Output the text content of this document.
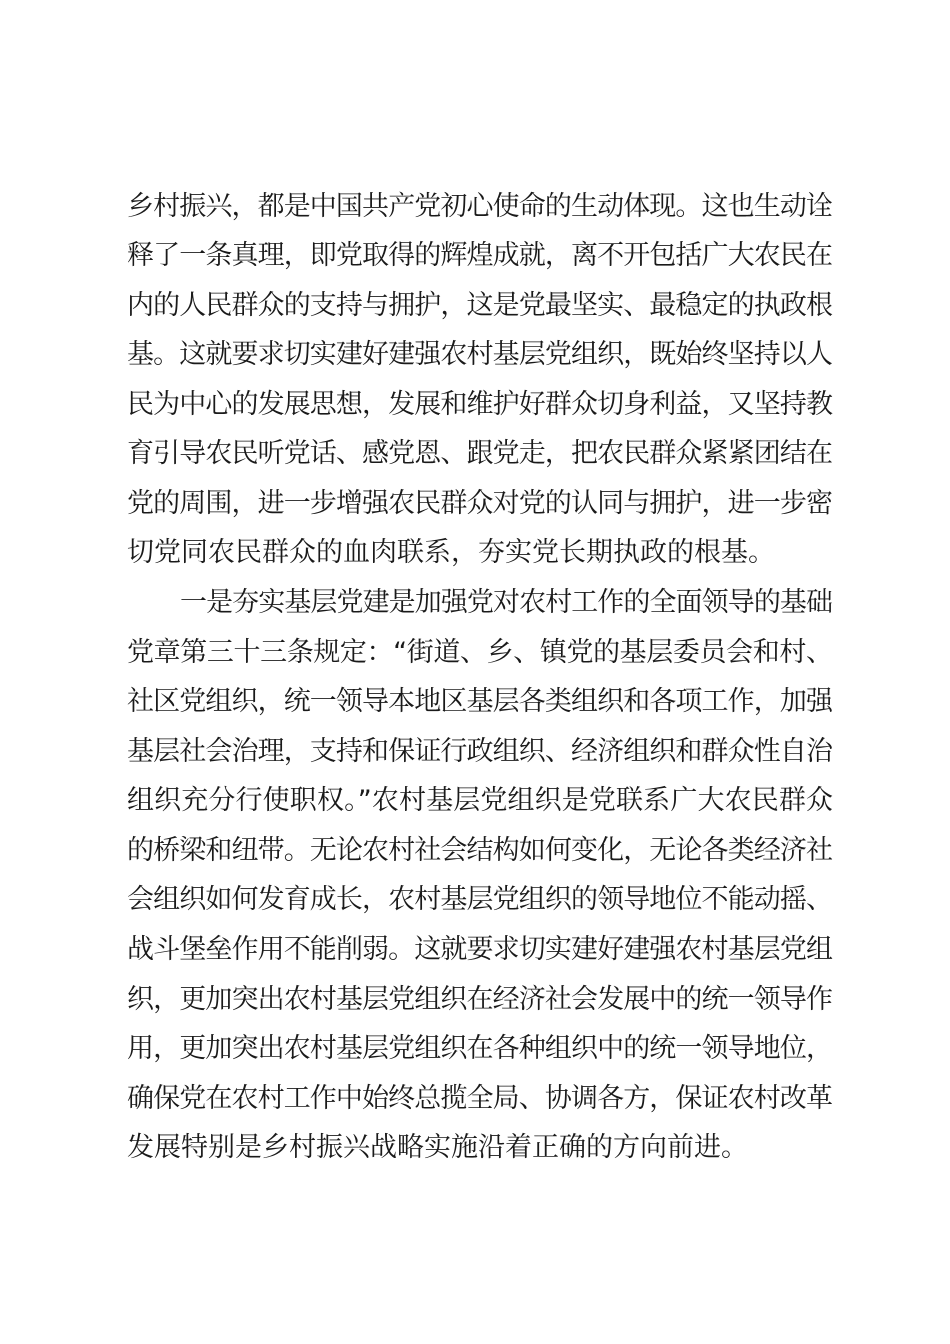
乡村振兴，都是中国共产党初心使命的生动体现。这也生动诠
释了一条真理，即党取得的辉煌成就，离不开包括广大农民在
内的人民群众的支持与拥护，这是党最坚实、最稳定的执政根
基。这就要求切实建好建强农村基层党组织，既始终坚持以人
民为中心的发展思想，发展和维护好群众切身利益，又坚持教
育引导农民听党话、感党恩、跟党走，把农民群众紧紧团结在
党的周围，进一步增强农民群众对党的认同与拥护，进一步密
切党同农民群众的血肉联系，夯实党长期执政的根基。
一是夯实基层党建是加强党对农村工作的全面领导的基础
党章第三十三条规定：“街道、乡、镇党的基层委员会和村、
社区党组织，统一领导本地区基层各类组织和各项工作，加强
基层社会治理，支持和保证行政组织、经济组织和群众性自治
组织充分行使职权。”农村基层党组织是党联系广大农民群众
的桥梁和纽带。无论农村社会结构如何变化，无论各类经济社
会组织如何发育成长，农村基层党组织的领导地位不能动摇、
战斗堡垒作用不能削弱。这就要求切实建好建强农村基层党组
织，更加突出农村基层党组织在经济社会发展中的统一领导作
用，更加突出农村基层党组织在各种组织中的统一领导地位，
确保党在农村工作中始终总揽全局、协调各方，保证农村改革
发展特别是乡村振兴战略实施沿着正确的方向前进。
